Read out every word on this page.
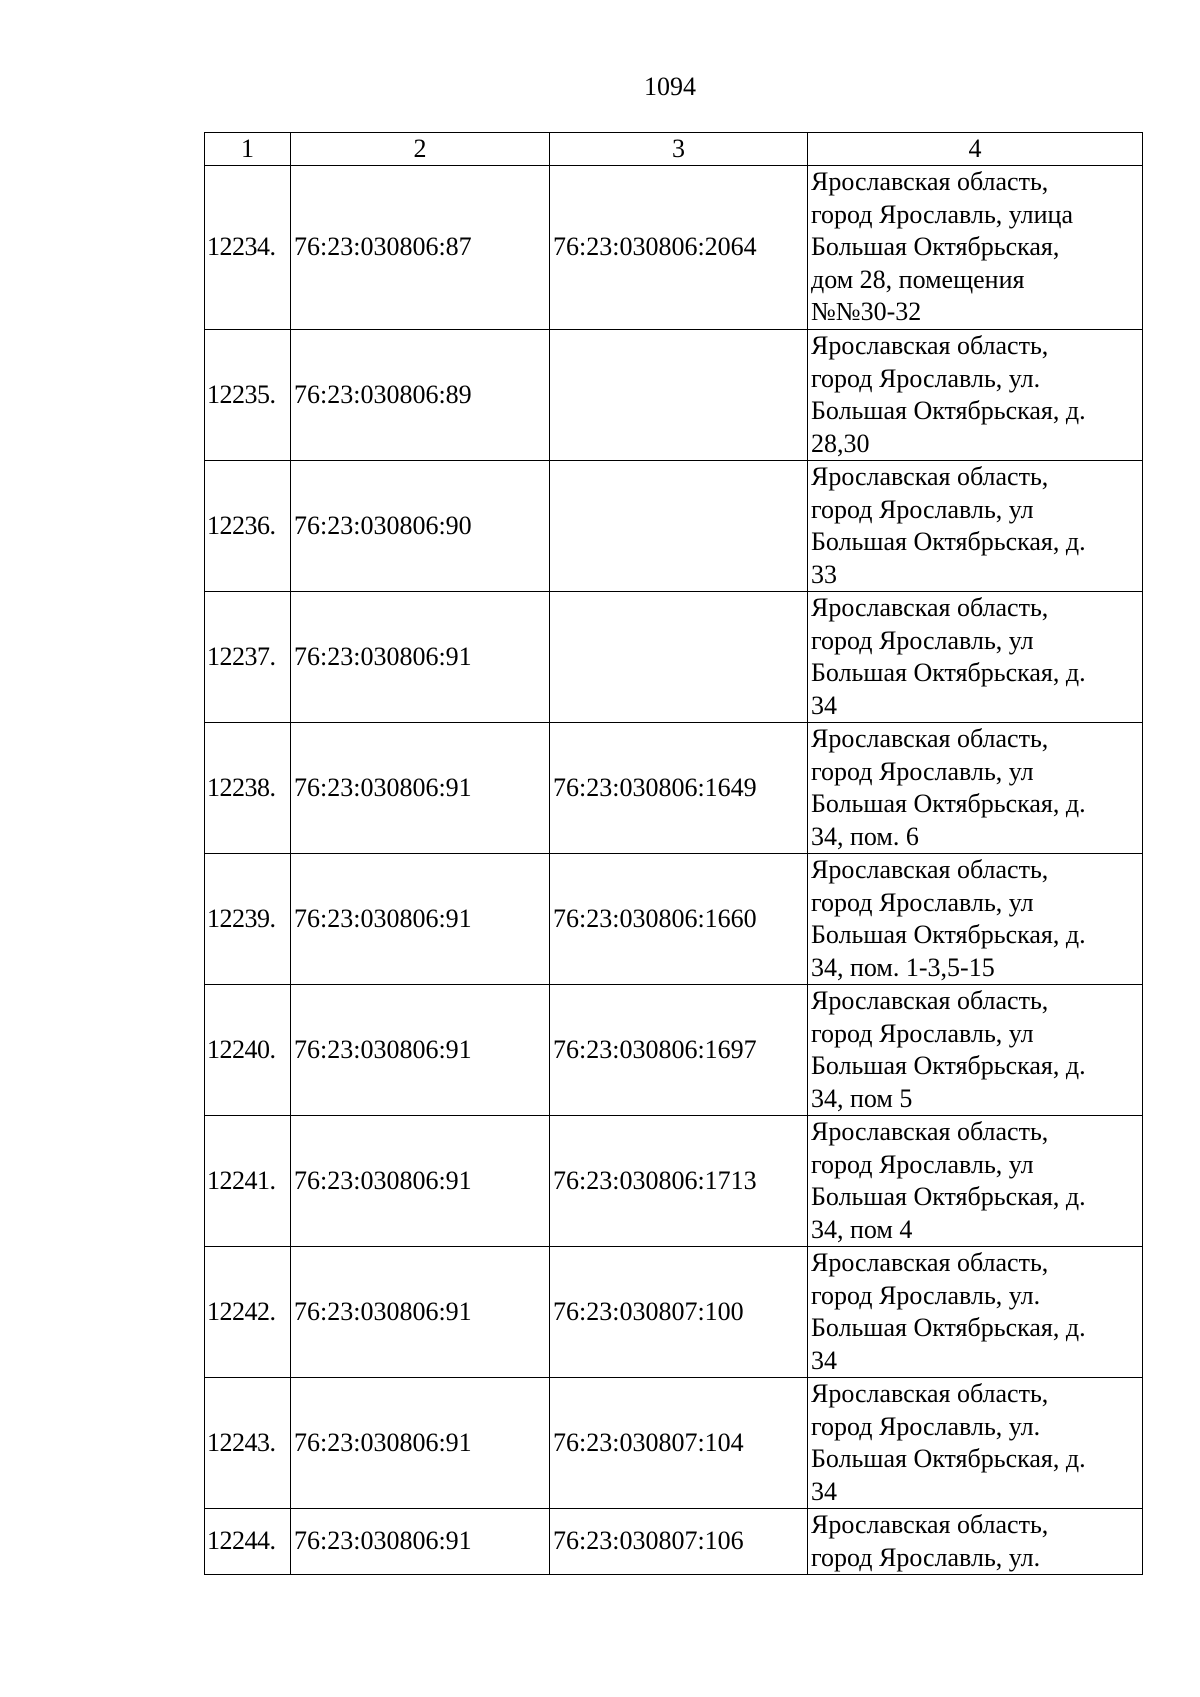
1094
1	2	3	4
12234.	76:23:030806:87	76:23:030806:2064	Ярославская область,
город Ярославль, улица
Большая Октябрьская,
дом 28, помещения
№№30-32
12235.	76:23:030806:89		Ярославская область,
город Ярославль, ул.
Большая Октябрьская, д.
28,30
12236.	76:23:030806:90		Ярославская область,
город Ярославль, ул
Большая Октябрьская, д.
33
12237.	76:23:030806:91		Ярославская область,
город Ярославль, ул
Большая Октябрьская, д.
34
12238.	76:23:030806:91	76:23:030806:1649	Ярославская область,
город Ярославль, ул
Большая Октябрьская, д.
34, пом. 6
12239.	76:23:030806:91	76:23:030806:1660	Ярославская область,
город Ярославль, ул
Большая Октябрьская, д.
34, пом. 1-3,5-15
12240.	76:23:030806:91	76:23:030806:1697	Ярославская область,
город Ярославль, ул
Большая Октябрьская, д.
34, пом 5
12241.	76:23:030806:91	76:23:030806:1713	Ярославская область,
город Ярославль, ул
Большая Октябрьская, д.
34, пом 4
12242.	76:23:030806:91	76:23:030807:100	Ярославская область,
город Ярославль, ул.
Большая Октябрьская, д.
34
12243.	76:23:030806:91	76:23:030807:104	Ярославская область,
город Ярославль, ул.
Большая Октябрьская, д.
34
12244.	76:23:030806:91	76:23:030807:106	Ярославская область,
город Ярославль, ул.
